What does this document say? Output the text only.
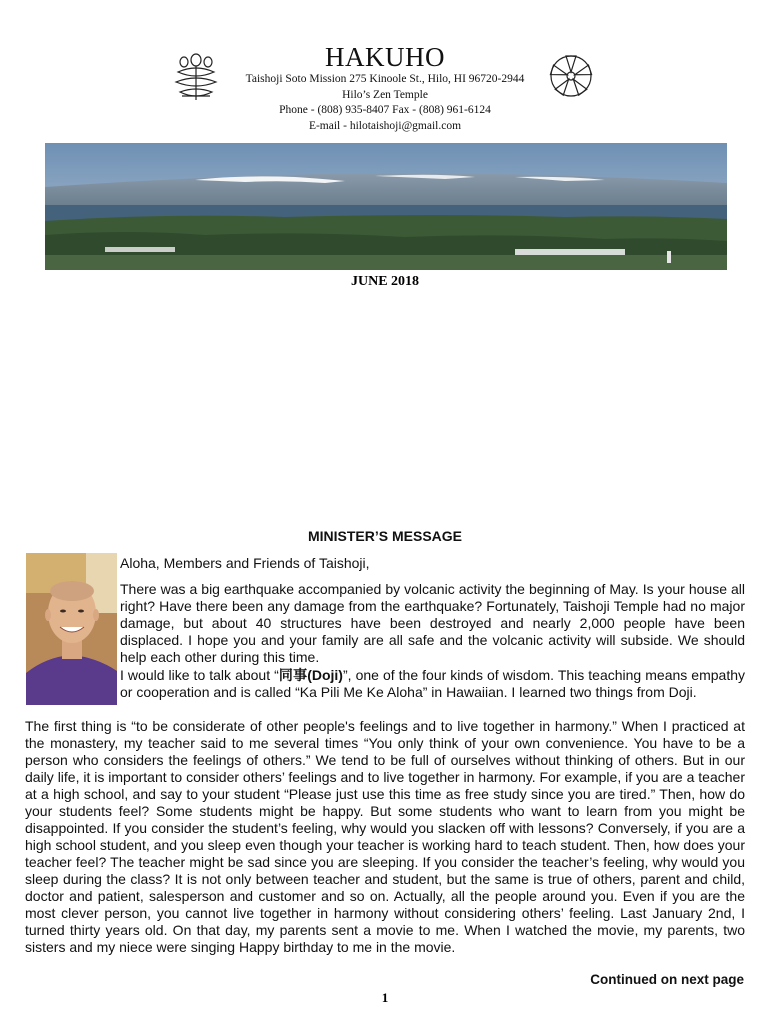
HAKUHO
Taishoji Soto Mission 275 Kinoole St., Hilo, HI 96720-2944
Hilo’s Zen Temple
Phone - (808) 935-8407 Fax - (808) 961-6124
E-mail - hilotaishoji@gmail.com
JUNE 2018
MINISTER’S MESSAGE

Aloha, Members and Friends of Taishoji,

There was a big earthquake accompanied by volcanic activity the beginning of May. Is your house all right? Have there been any damage from the earthquake? Fortunately, Taishoji Temple had no major damage, but about 40 structures have been destroyed and nearly 2,000 people have been displaced. I hope you and your family are all safe and the volcanic activity will subside. We should help each other during this time.

I would like to talk about “同事(Doji)”, one of the four kinds of wisdom. This teaching means empathy or cooperation and is called “Ka Pili Me Ke Aloha” in Hawaiian. I learned two things from Doji.

The first thing is “to be considerate of other people's feelings and to live together in harmony.” When I practiced at the monastery, my teacher said to me several times “You only think of your own convenience. You have to be a person who considers the feelings of others.” We tend to be full of ourselves without thinking of others. But in our daily life, it is important to consider others’ feelings and to live together in harmony. For example, if you are a teacher at a high school, and say to your student “Please just use this time as free study since you are tired.” Then, how do your students feel? Some students might be happy. But some students who want to learn from you might be disappointed. If you consider the student’s feeling, why would you slacken off with lessons? Conversely, if you are a high school student, and you sleep even though your teacher is working hard to teach student. Then, how does your teacher feel? The teacher might be sad since you are sleeping. If you consider the teacher’s feeling, why would you sleep during the class? It is not only between teacher and student, but the same is true of others, parent and child, doctor and patient, salesperson and customer and so on. Actually, all the people around you. Even if you are the most clever person, you cannot live together in harmony without considering others’ feeling. Last January 2nd, I turned thirty years old. On that day, my parents sent a movie to me. When I watched the movie, my parents, two sisters and my niece were singing Happy birthday to me in the movie.

Continued on next page
1
